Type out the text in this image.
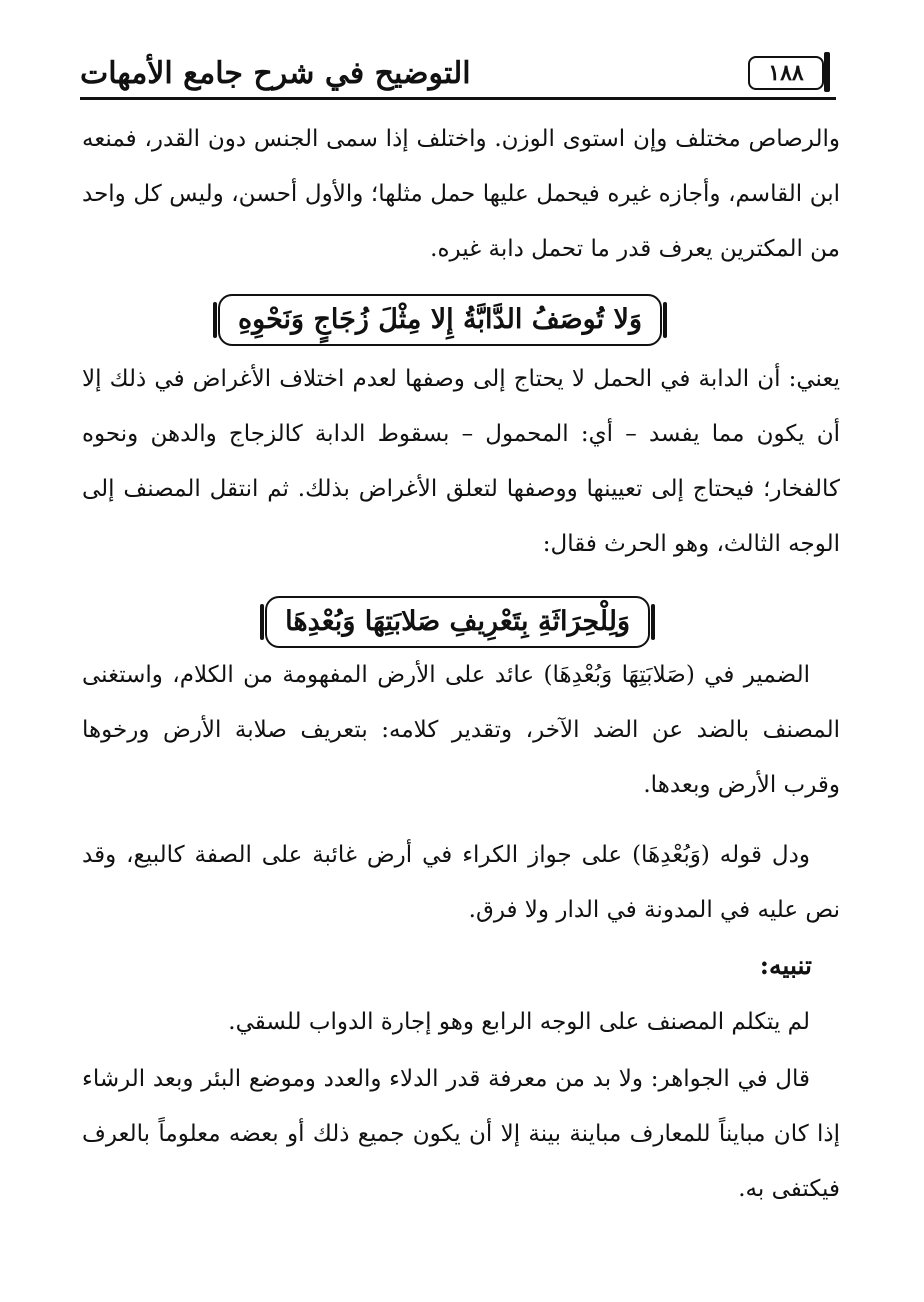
١٨٨
التوضيح في شرح جامع الأمهات

والرصاص مختلف وإن استوى الوزن. واختلف إذا سمى الجنس دون القدر، فمنعه ابن القاسم، وأجازه غيره فيحمل عليها حمل مثلها؛ والأول أحسن، وليس كل واحد من المكترين يعرف قدر ما تحمل دابة غيره.

وَلا تُوصَفُ الدَّابَّةُ إِلا مِثْلَ زُجَاجٍ وَنَحْوِهِ

يعني: أن الدابة في الحمل لا يحتاج إلى وصفها لعدم اختلاف الأغراض في ذلك إلا أن يكون مما يفسد – أي: المحمول – بسقوط الدابة كالزجاج والدهن ونحوه كالفخار؛ فيحتاج إلى تعيينها ووصفها لتعلق الأغراض بذلك. ثم انتقل المصنف إلى الوجه الثالث، وهو الحرث فقال:

وَلِلْحِرَاثَةِ بِتَعْرِيفِ صَلابَتِهَا وَبُعْدِهَا

الضمير في (صَلابَتِهَا وَبُعْدِهَا) عائد على الأرض المفهومة من الكلام، واستغنى المصنف بالضد عن الضد الآخر، وتقدير كلامه: بتعريف صلابة الأرض ورخوها وقرب الأرض وبعدها.

ودل قوله (وَبُعْدِهَا) على جواز الكراء في أرض غائبة على الصفة كالبيع، وقد نص عليه في المدونة في الدار ولا فرق.

تنبيه:

لم يتكلم المصنف على الوجه الرابع وهو إجارة الدواب للسقي.

قال في الجواهر: ولا بد من معرفة قدر الدلاء والعدد وموضع البئر وبعد الرشاء إذا كان مبايناً للمعارف مباينة بينة إلا أن يكون جميع ذلك أو بعضه معلوماً بالعرف فيكتفى به.
